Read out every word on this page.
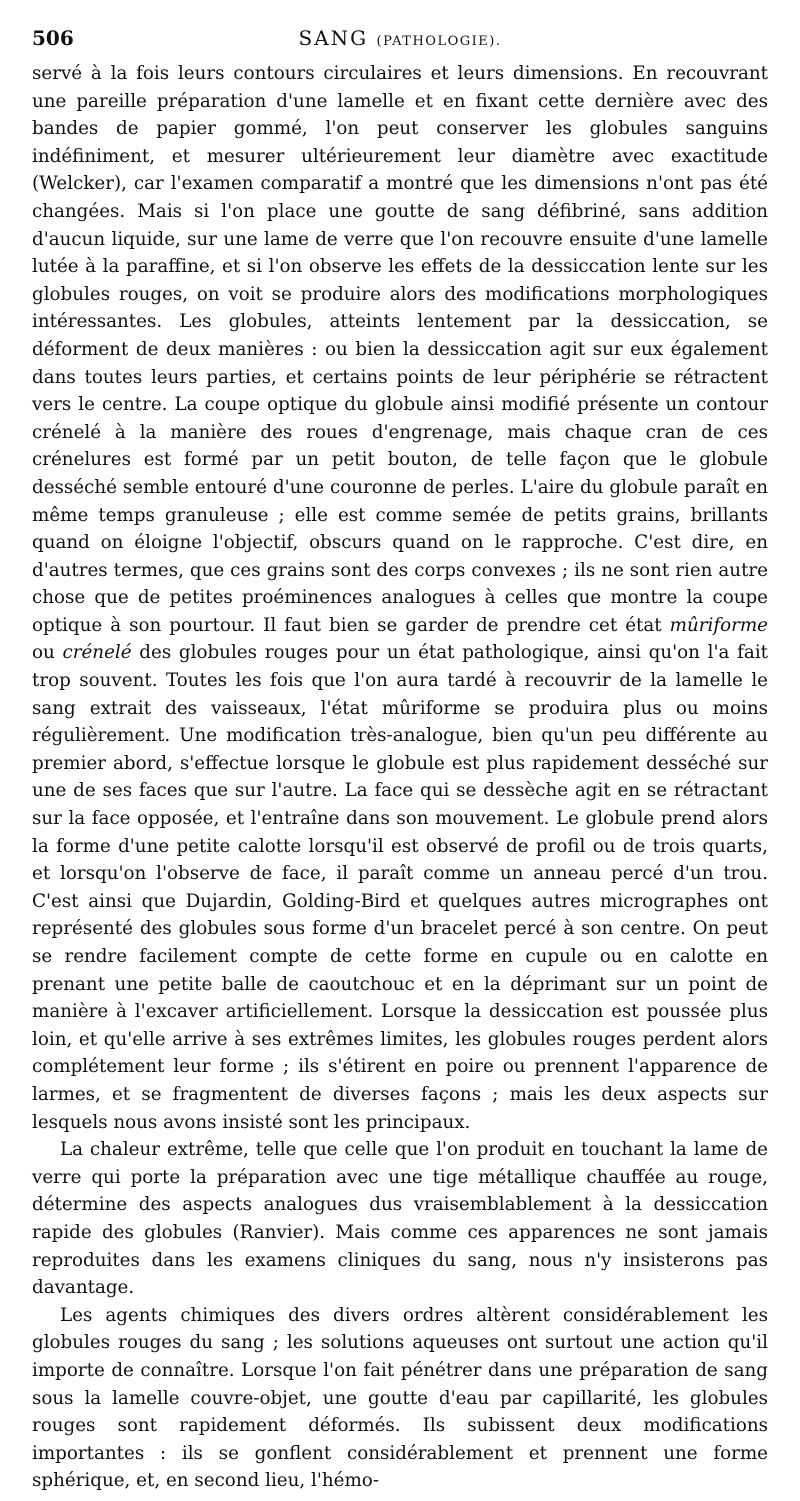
506	SANG (PATHOLOGIE).

servé à la fois leurs contours circulaires et leurs dimensions. En recouvrant une pareille préparation d'une lamelle et en fixant cette dernière avec des bandes de papier gommé, l'on peut conserver les globules sanguins indéfiniment, et mesurer ultérieurement leur diamètre avec exactitude (Welcker), car l'examen comparatif a montré que les dimensions n'ont pas été changées. Mais si l'on place une goutte de sang défibriné, sans addition d'aucun liquide, sur une lame de verre que l'on recouvre ensuite d'une lamelle lutée à la paraffine, et si l'on observe les effets de la dessiccation lente sur les globules rouges, on voit se produire alors des modifications morphologiques intéressantes. Les globules, atteints lentement par la dessiccation, se déforment de deux manières : ou bien la dessiccation agit sur eux également dans toutes leurs parties, et certains points de leur périphérie se rétractent vers le centre. La coupe optique du globule ainsi modifié présente un contour crénelé à la manière des roues d'engrenage, mais chaque cran de ces crénelures est formé par un petit bouton, de telle façon que le globule desséché semble entouré d'une couronne de perles. L'aire du globule paraît en même temps granuleuse ; elle est comme semée de petits grains, brillants quand on éloigne l'objectif, obscurs quand on le rapproche. C'est dire, en d'autres termes, que ces grains sont des corps convexes ; ils ne sont rien autre chose que de petites proéminences analogues à celles que montre la coupe optique à son pourtour. Il faut bien se garder de prendre cet état mûriforme ou crénelé des globules rouges pour un état pathologique, ainsi qu'on l'a fait trop souvent. Toutes les fois que l'on aura tardé à recouvrir de la lamelle le sang extrait des vaisseaux, l'état mûriforme se produira plus ou moins régulièrement. Une modification très-analogue, bien qu'un peu différente au premier abord, s'effectue lorsque le globule est plus rapidement desséché sur une de ses faces que sur l'autre. La face qui se dessèche agit en se rétractant sur la face opposée, et l'entraîne dans son mouvement. Le globule prend alors la forme d'une petite calotte lorsqu'il est observé de profil ou de trois quarts, et lorsqu'on l'observe de face, il paraît comme un anneau percé d'un trou. C'est ainsi que Dujardin, Golding-Bird et quelques autres micrographes ont représenté des globules sous forme d'un bracelet percé à son centre. On peut se rendre facilement compte de cette forme en cupule ou en calotte en prenant une petite balle de caoutchouc et en la déprimant sur un point de manière à l'excaver artificiellement. Lorsque la dessiccation est poussée plus loin, et qu'elle arrive à ses extrêmes limites, les globules rouges perdent alors complétement leur forme ; ils s'étirent en poire ou prennent l'apparence de larmes, et se fragmentent de diverses façons ; mais les deux aspects sur lesquels nous avons insisté sont les principaux.

La chaleur extrême, telle que celle que l'on produit en touchant la lame de verre qui porte la préparation avec une tige métallique chauffée au rouge, détermine des aspects analogues dus vraisemblablement à la dessiccation rapide des globules (Ranvier). Mais comme ces apparences ne sont jamais reproduites dans les examens cliniques du sang, nous n'y insisterons pas davantage.

Les agents chimiques des divers ordres altèrent considérablement les globules rouges du sang ; les solutions aqueuses ont surtout une action qu'il importe de connaître. Lorsque l'on fait pénétrer dans une préparation de sang sous la lamelle couvre-objet, une goutte d'eau par capillarité, les globules rouges sont rapidement déformés. Ils subissent deux modifications importantes : ils se gonflent considérablement et prennent une forme sphérique, et, en second lieu, l'hémo-
